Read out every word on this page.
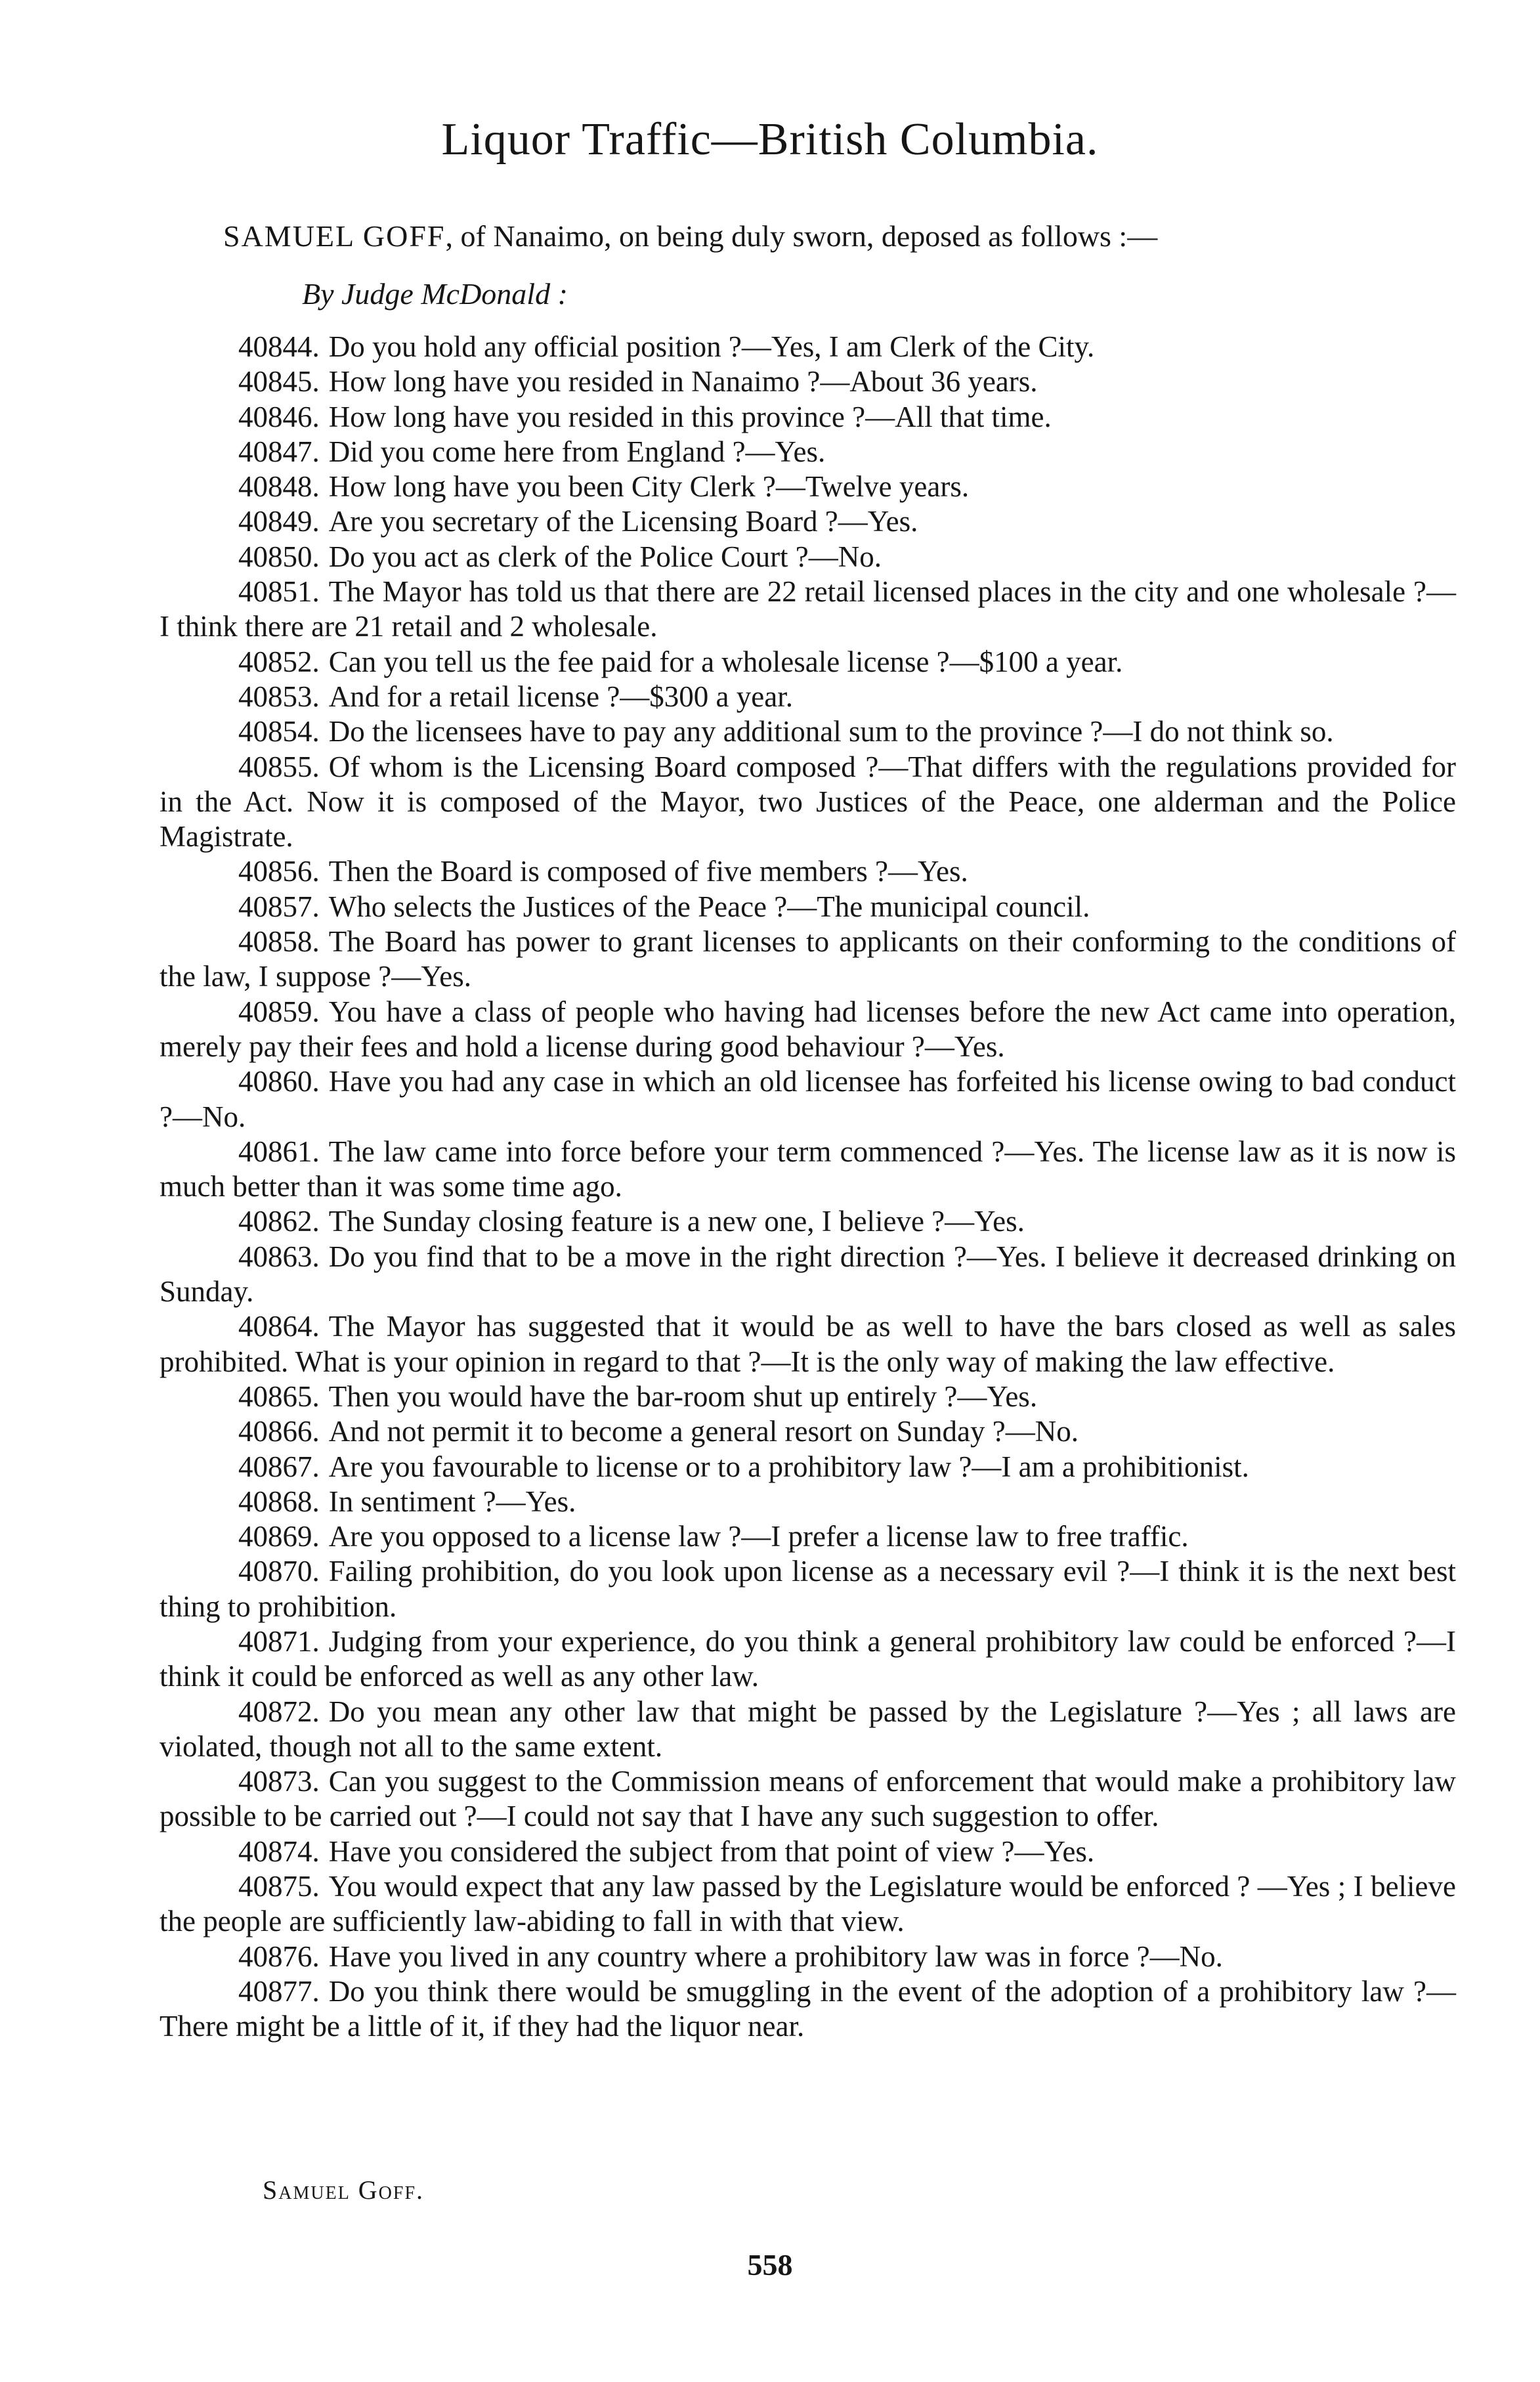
Liquor Traffic—British Columbia.

SAMUEL GOFF, of Nanaimo, on being duly sworn, deposed as follows :—

By Judge McDonald :

40844. Do you hold any official position ?—Yes, I am Clerk of the City.

40845. How long have you resided in Nanaimo ?—About 36 years.

40846. How long have you resided in this province ?—All that time.

40847. Did you come here from England ?—Yes.

40848. How long have you been City Clerk ?—Twelve years.

40849. Are you secretary of the Licensing Board ?—Yes.

40850. Do you act as clerk of the Police Court ?—No.

40851. The Mayor has told us that there are 22 retail licensed places in the city and one wholesale ?—I think there are 21 retail and 2 wholesale.

40852. Can you tell us the fee paid for a wholesale license ?—$100 a year.

40853. And for a retail license ?—$300 a year.

40854. Do the licensees have to pay any additional sum to the province ?—I do not think so.

40855. Of whom is the Licensing Board composed ?—That differs with the regulations provided for in the Act. Now it is composed of the Mayor, two Justices of the Peace, one alderman and the Police Magistrate.

40856. Then the Board is composed of five members ?—Yes.

40857. Who selects the Justices of the Peace ?—The municipal council.

40858. The Board has power to grant licenses to applicants on their conforming to the conditions of the law, I suppose ?—Yes.

40859. You have a class of people who having had licenses before the new Act came into operation, merely pay their fees and hold a license during good behaviour ?—Yes.

40860. Have you had any case in which an old licensee has forfeited his license owing to bad conduct ?—No.

40861. The law came into force before your term commenced ?—Yes. The license law as it is now is much better than it was some time ago.

40862. The Sunday closing feature is a new one, I believe ?—Yes.

40863. Do you find that to be a move in the right direction ?—Yes. I believe it decreased drinking on Sunday.

40864. The Mayor has suggested that it would be as well to have the bars closed as well as sales prohibited. What is your opinion in regard to that ?—It is the only way of making the law effective.

40865. Then you would have the bar-room shut up entirely ?—Yes.

40866. And not permit it to become a general resort on Sunday ?—No.

40867. Are you favourable to license or to a prohibitory law ?—I am a prohibitionist.

40868. In sentiment ?—Yes.

40869. Are you opposed to a license law ?—I prefer a license law to free traffic.

40870. Failing prohibition, do you look upon license as a necessary evil ?—I think it is the next best thing to prohibition.

40871. Judging from your experience, do you think a general prohibitory law could be enforced ?—I think it could be enforced as well as any other law.

40872. Do you mean any other law that might be passed by the Legislature ?—Yes ; all laws are violated, though not all to the same extent.

40873. Can you suggest to the Commission means of enforcement that would make a prohibitory law possible to be carried out ?—I could not say that I have any such suggestion to offer.

40874. Have you considered the subject from that point of view ?—Yes.

40875. You would expect that any law passed by the Legislature would be enforced ? —Yes ; I believe the people are sufficiently law-abiding to fall in with that view.

40876. Have you lived in any country where a prohibitory law was in force ?—No.

40877. Do you think there would be smuggling in the event of the adoption of a prohibitory law ?—There might be a little of it, if they had the liquor near.

Samuel Goff.

558
